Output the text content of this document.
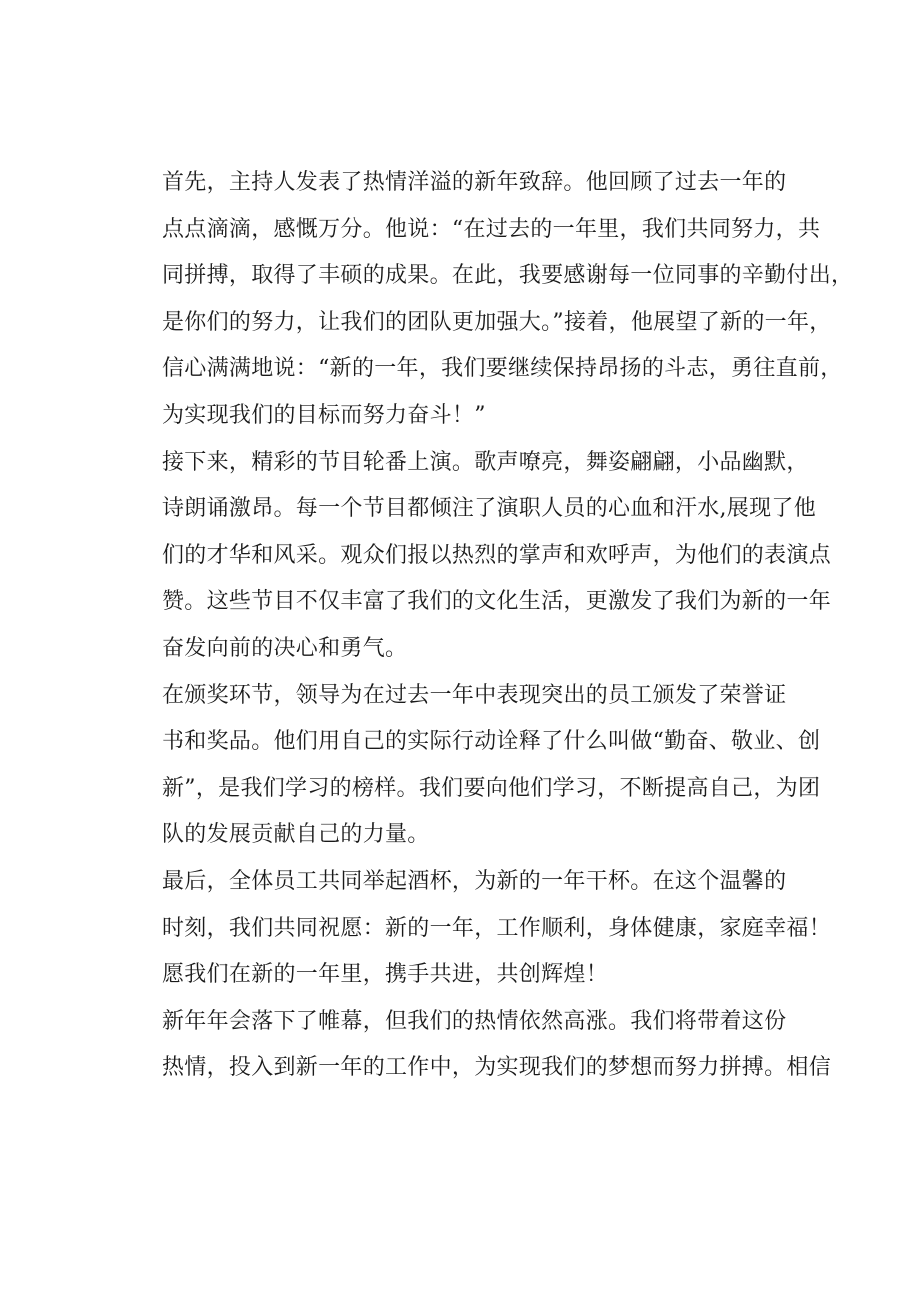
首先，主持人发表了热情洋溢的新年致辞。他回顾了过去一年的
点点滴滴，感慨万分。他说：“在过去的一年里，我们共同努力，共
同拼搏，取得了丰硕的成果。在此，我要感谢每一位同事的辛勤付出，
是你们的努力，让我们的团队更加强大。”接着，他展望了新的一年，
信心满满地说：“新的一年，我们要继续保持昂扬的斗志，勇往直前，
为实现我们的目标而努力奋斗！”

接下来，精彩的节目轮番上演。歌声嘹亮，舞姿翩翩，小品幽默，
诗朗诵激昂。每一个节目都倾注了演职人员的心血和汗水,展现了他
们的才华和风采。观众们报以热烈的掌声和欢呼声，为他们的表演点
赞。这些节目不仅丰富了我们的文化生活，更激发了我们为新的一年
奋发向前的决心和勇气。

在颁奖环节，领导为在过去一年中表现突出的员工颁发了荣誉证
书和奖品。他们用自己的实际行动诠释了什么叫做“勤奋、敬业、创
新”，是我们学习的榜样。我们要向他们学习，不断提高自己，为团
队的发展贡献自己的力量。

最后，全体员工共同举起酒杯，为新的一年干杯。在这个温馨的
时刻，我们共同祝愿：新的一年，工作顺利，身体健康，家庭幸福！
愿我们在新的一年里，携手共进，共创辉煌！

新年年会落下了帷幕，但我们的热情依然高涨。我们将带着这份
热情，投入到新一年的工作中，为实现我们的梦想而努力拼搏。相信
